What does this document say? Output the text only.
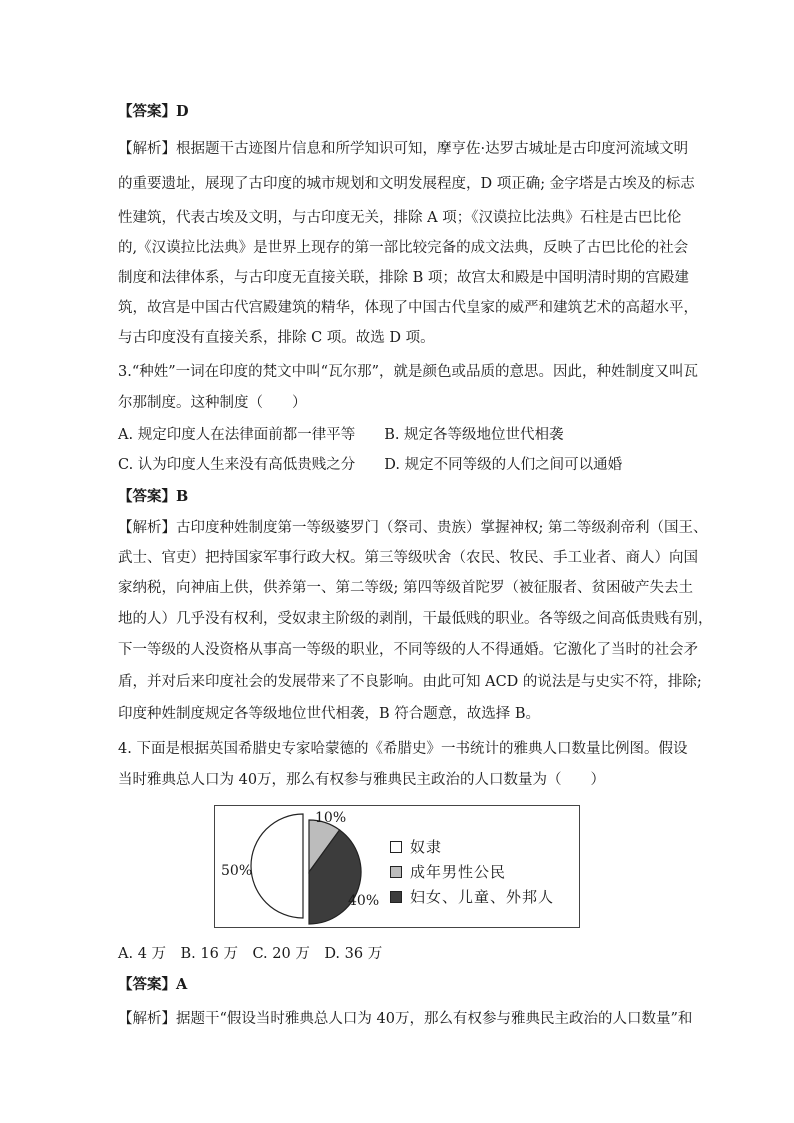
【答案】D
【解析】根据题干古迹图片信息和所学知识可知，摩亨佐·达罗古城址是古印度河流域文明
的重要遗址，展现了古印度的城市规划和文明发展程度，D 项正确; 金字塔是古埃及的标志
性建筑，代表古埃及文明，与古印度无关，排除 A 项；《汉谟拉比法典》石柱是古巴比伦
的,《汉谟拉比法典》是世界上现存的第一部比较完备的成文法典，反映了古巴比伦的社会
制度和法律体系，与古印度无直接关联，排除 B 项；故宫太和殿是中国明清时期的宫殿建
筑，故宫是中国古代宫殿建筑的精华，体现了中国古代皇家的威严和建筑艺术的高超水平，
与古印度没有直接关系，排除 C 项。故选 D 项。
3.“种姓”一词在印度的梵文中叫“瓦尔那”，就是颜色或品质的意思。因此，种姓制度又叫瓦
尔那制度。这种制度（　　）
A. 规定印度人在法律面前都一律平等　　B. 规定各等级地位世代相袭
C. 认为印度人生来没有高低贵贱之分　　D. 规定不同等级的人们之间可以通婚
【答案】B
【解析】古印度种姓制度第一等级婆罗门（祭司、贵族）掌握神权; 第二等级刹帝利（国王、
武士、官吏）把持国家军事行政大权。第三等级吠舍（农民、牧民、手工业者、商人）向国
家纳税，向神庙上供，供养第一、第二等级; 第四等级首陀罗（被征服者、贫困破产失去土
地的人）几乎没有权利，受奴隶主阶级的剥削，干最低贱的职业。各等级之间高低贵贱有别，
下一等级的人没资格从事高一等级的职业，不同等级的人不得通婚。它激化了当时的社会矛
盾，并对后来印度社会的发展带来了不良影响。由此可知 ACD 的说法是与史实不符，排除;
印度种姓制度规定各等级地位世代相袭，B 符合题意，故选择 B。
4. 下面是根据英国希腊史专家哈蒙德的《希腊史》一书统计的雅典人口数量比例图。假设
当时雅典总人口为 40万，那么有权参与雅典民主政治的人口数量为（　　）
A. 4 万　B. 16 万　C. 20 万　D. 36 万
【答案】A
【解析】据题干“假设当时雅典总人口为 40万，那么有权参与雅典民主政治的人口数量”和
50%
10%
40%
奴隶
成年男性公民
妇女、儿童、外邦人
